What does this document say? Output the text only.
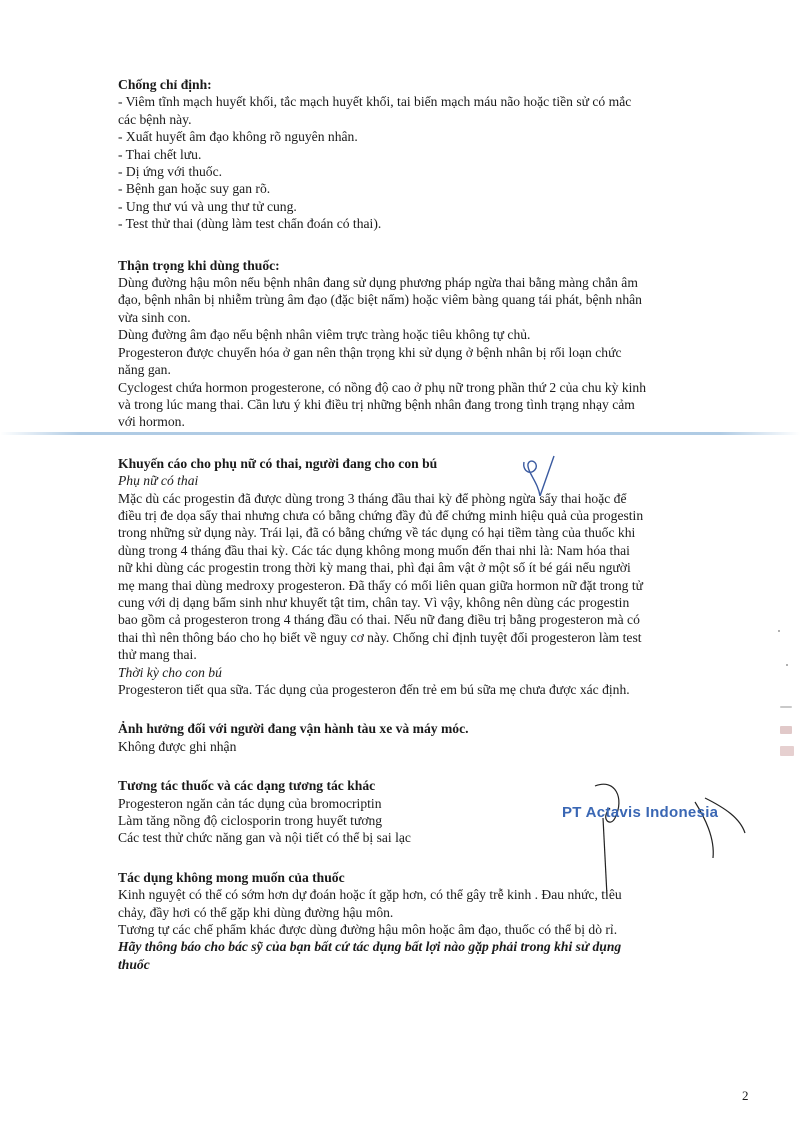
Chống chỉ định:

- Viêm tĩnh mạch huyết khối, tắc mạch huyết khối, tai biến mạch máu não hoặc tiền sử có mắc

các bệnh này.

- Xuất huyết âm đạo không rõ nguyên nhân.

- Thai chết lưu.

- Dị ứng với thuốc.

- Bệnh gan hoặc suy gan rõ.

- Ung thư vú và ung thư tử cung.

- Test thử thai (dùng làm test chẩn đoán có thai).

Thận trọng khi dùng thuốc:

Dùng đường hậu môn nếu bệnh nhân đang sử dụng phương pháp ngừa thai bằng màng chắn âm

đạo, bệnh nhân bị nhiễm trùng âm đạo (đặc biệt nấm) hoặc viêm bàng quang tái phát, bệnh nhân

vừa sinh con.

Dùng đường âm đạo nếu bệnh nhân viêm trực tràng hoặc tiêu không tự chủ.

Progesteron được chuyển hóa ở gan nên thận trọng khi sử dụng ở bệnh nhân bị rối loạn chức

năng gan.

Cyclogest chứa hormon progesterone, có nồng độ cao ở phụ nữ trong phần thứ 2 của chu kỳ kinh

và trong lúc mang thai. Cần lưu ý khi điều trị những bệnh nhân đang trong tình trạng nhạy cảm

với hormon.

Khuyến cáo cho phụ nữ có thai, người đang cho con bú

Phụ nữ có thai

Mặc dù các progestin đã được dùng trong 3 tháng đầu thai kỳ để phòng ngừa sẩy thai hoặc để

điều trị đe dọa sẩy thai nhưng chưa có bằng chứng đầy đủ để chứng minh hiệu quả của progestin

trong những sử dụng này. Trái lại, đã có bằng chứng về tác dụng có hại tiềm tàng của thuốc khi

dùng trong 4 tháng đầu thai kỳ. Các tác dụng không mong muốn đến thai nhi là: Nam hóa thai

nữ khi dùng các progestin trong thời kỳ mang thai, phì đại âm vật ở một số ít bé gái nếu người

mẹ mang thai dùng medroxy progesteron. Đã thấy có mối liên quan giữa hormon nữ đặt trong tử

cung với dị dạng bẩm sinh như khuyết tật tim, chân tay. Vì vậy, không nên dùng các progestin

bao gồm cả progesteron trong 4 tháng đầu có thai. Nếu nữ đang điều trị bằng progesteron mà có

thai thì nên thông báo cho họ biết về nguy cơ này. Chống chỉ định tuyệt đối progesteron làm test

thử mang thai.

Thời kỳ cho con bú

Progesteron tiết qua sữa. Tác dụng của progesteron đến trẻ em bú sữa mẹ chưa được xác định.

Ảnh hưởng đối với người đang vận hành tàu xe và máy móc.

Không được ghi nhận

Tương tác thuốc và các dạng tương tác khác

Progesteron ngăn cản tác dụng của bromocriptin

Làm tăng nồng độ ciclosporin trong huyết tương

Các test thử chức năng gan và nội tiết có thể bị sai lạc

Tác dụng không mong muốn của thuốc

Kinh nguyệt có thể có sớm hơn dự đoán hoặc ít gặp hơn, có thể gây trễ kinh . Đau nhức, tiêu

chảy, đầy hơi có thể gặp khi dùng đường hậu môn.

Tương tự các chế phẩm khác được dùng đường hậu môn hoặc âm đạo, thuốc có thể bị dò rỉ.

Hãy thông báo cho bác sỹ của bạn bất cứ tác dụng bất lợi nào gặp phải trong khi sử dụng

thuốc

PT Actavis Indonesia
2
